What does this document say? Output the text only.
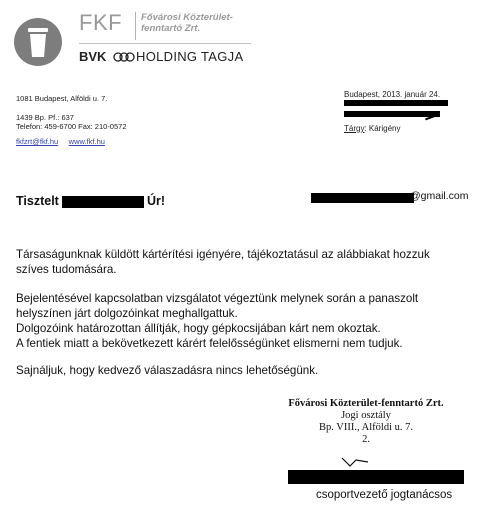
FKF Fővárosi Közterület-
fenntartó Zrt.
BVK HOLDING TAGJA
1081 Budapest, Alföldi u. 7.
1439 Bp. Pf.: 637
Telefon: 459-6700 Fax: 210-0572
fkfzrt@fkf.hu www.fkf.hu
Budapest, 2013. január 24.
Tárgy: Kárigény
Tisztelt	Úr!	@gmail.com
Társaságunknak küldött kártérítési igényére, tájékoztatásul az alábbiakat hozzuk
szíves tudomására.
Bejelentésével kapcsolatban vizsgálatot végeztünk melynek során a panaszolt
helyszínen járt dolgozóinkat meghallgattuk.
Dolgozóink határozottan állítják, hogy gépkocsijában kárt nem okoztak.
A fentiek miatt a bekövetkezett kárért felelősségünket elismerni nem tudjuk.
Sajnáljuk, hogy kedvező válaszadásra nincs lehetőségünk.
Fővárosi Közterület-fenntartó Zrt.
Jogi osztály
Bp. VIII., Alföldi u. 7.
2.
csoportvezető jogtanácsos
